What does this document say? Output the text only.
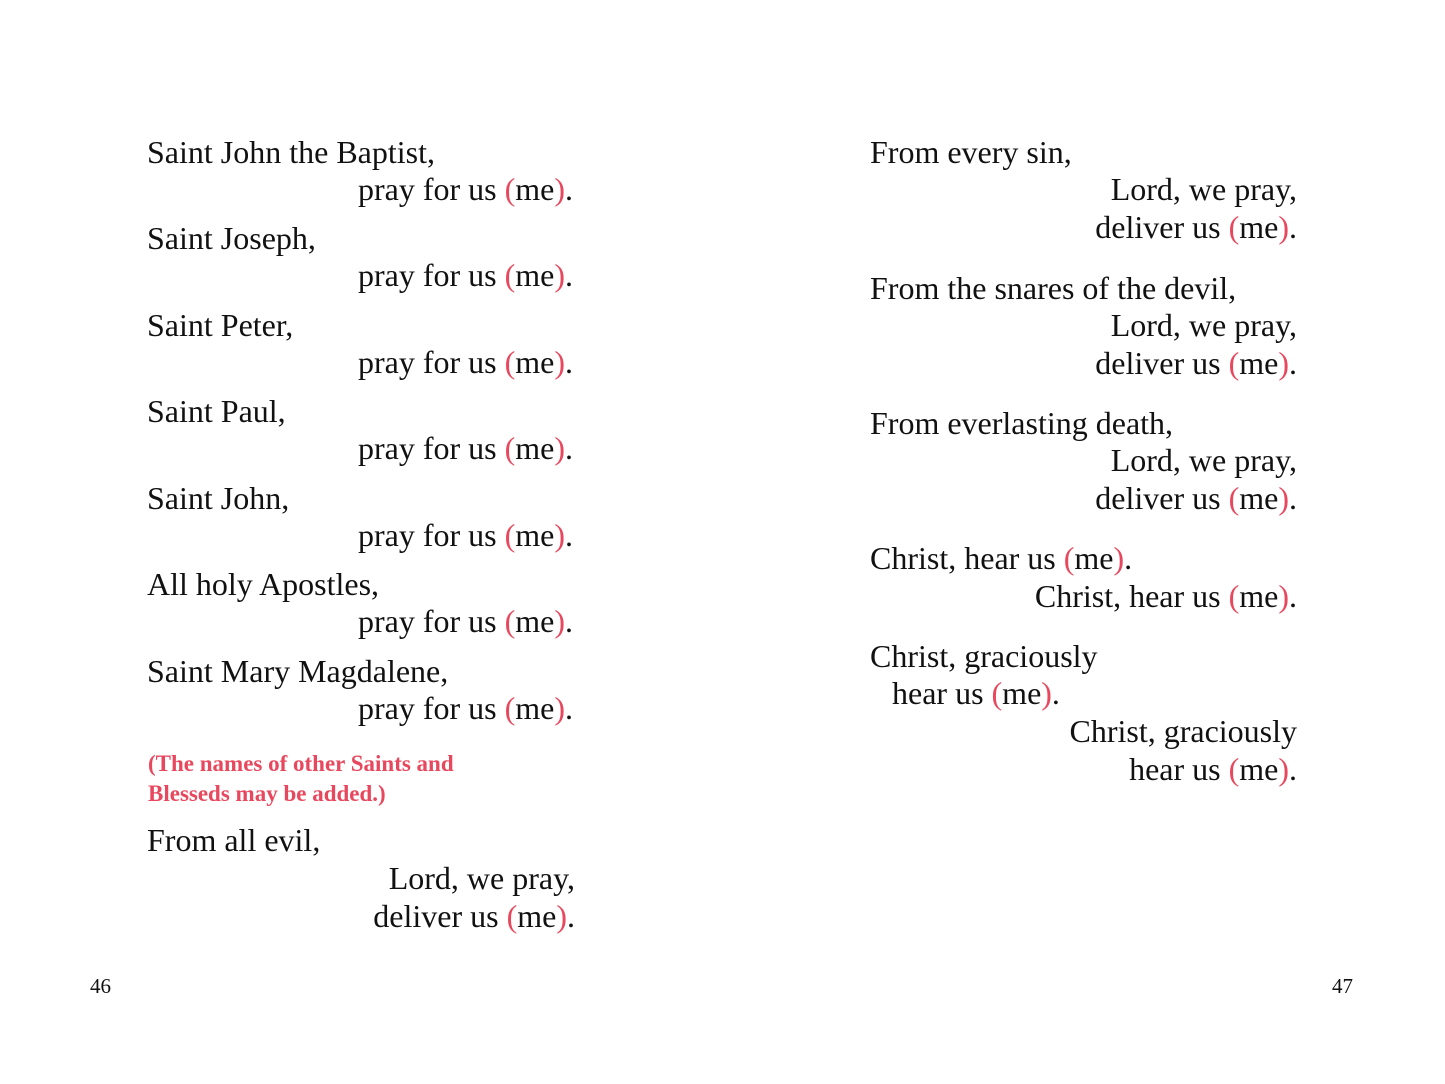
Saint John the Baptist,
pray for us (me).
Saint Joseph,
pray for us (me).
Saint Peter,
pray for us (me).
Saint Paul,
pray for us (me).
Saint John,
pray for us (me).
All holy Apostles,
pray for us (me).
Saint Mary Magdalene,
pray for us (me).
(The names of other Saints and
Blesseds may be added.)
From all evil,
Lord, we pray,
deliver us (me).
From every sin,
Lord, we pray,
deliver us (me).
From the snares of the devil,
Lord, we pray,
deliver us (me).
From everlasting death,
Lord, we pray,
deliver us (me).
Christ, hear us (me).
Christ, hear us (me).
Christ, graciously
hear us (me).
Christ, graciously
hear us (me).
46	47
